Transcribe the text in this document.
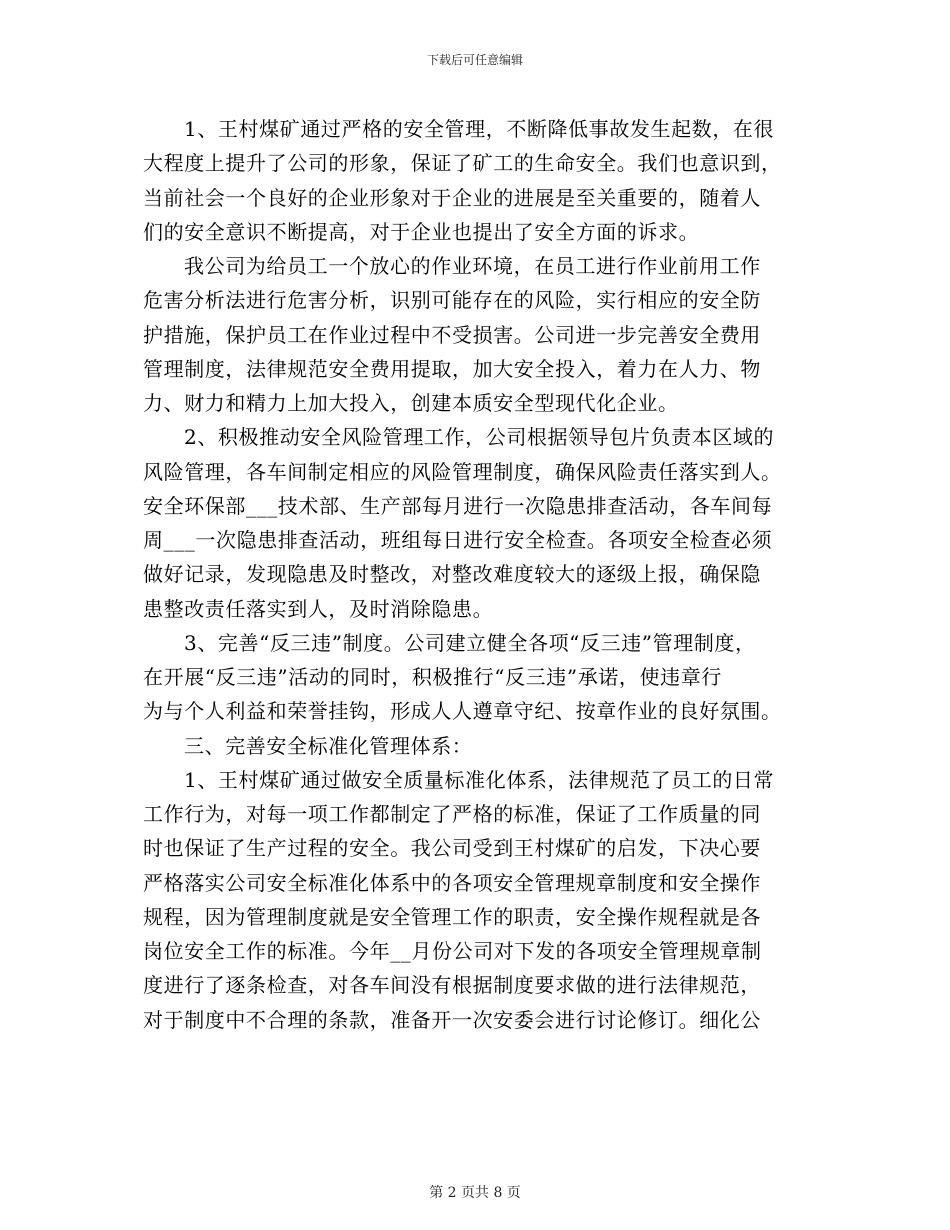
下载后可任意编辑
1、王村煤矿通过严格的安全管理，不断降低事故发生起数，在很
大程度上提升了公司的形象，保证了矿工的生命安全。我们也意识到，
当前社会一个良好的企业形象对于企业的进展是至关重要的，随着人
们的安全意识不断提高，对于企业也提出了安全方面的诉求。
我公司为给员工一个放心的作业环境，在员工进行作业前用工作
危害分析法进行危害分析，识别可能存在的风险，实行相应的安全防
护措施，保护员工在作业过程中不受损害。公司进一步完善安全费用
管理制度，法律规范安全费用提取，加大安全投入，着力在人力、物
力、财力和精力上加大投入，创建本质安全型现代化企业。
2、积极推动安全风险管理工作，公司根据领导包片负责本区域的
风险管理，各车间制定相应的风险管理制度，确保风险责任落实到人。
安全环保部___技术部、生产部每月进行一次隐患排查活动，各车间每
周___一次隐患排查活动，班组每日进行安全检查。各项安全检查必须
做好记录，发现隐患及时整改，对整改难度较大的逐级上报，确保隐
患整改责任落实到人，及时消除隐患。
3、完善“反三违”制度。公司建立健全各项“反三违”管理制度，
在开展“反三违”活动的同时，积极推行“反三违”承诺，使违章行
为与个人利益和荣誉挂钩，形成人人遵章守纪、按章作业的良好氛围。
三、完善安全标准化管理体系：
1、王村煤矿通过做安全质量标准化体系，法律规范了员工的日常
工作行为，对每一项工作都制定了严格的标准，保证了工作质量的同
时也保证了生产过程的安全。我公司受到王村煤矿的启发，下决心要
严格落实公司安全标准化体系中的各项安全管理规章制度和安全操作
规程，因为管理制度就是安全管理工作的职责，安全操作规程就是各
岗位安全工作的标准。今年__月份公司对下发的各项安全管理规章制
度进行了逐条检查，对各车间没有根据制度要求做的进行法律规范，
对于制度中不合理的条款，准备开一次安委会进行讨论修订。细化公
第 2 页共 8 页
